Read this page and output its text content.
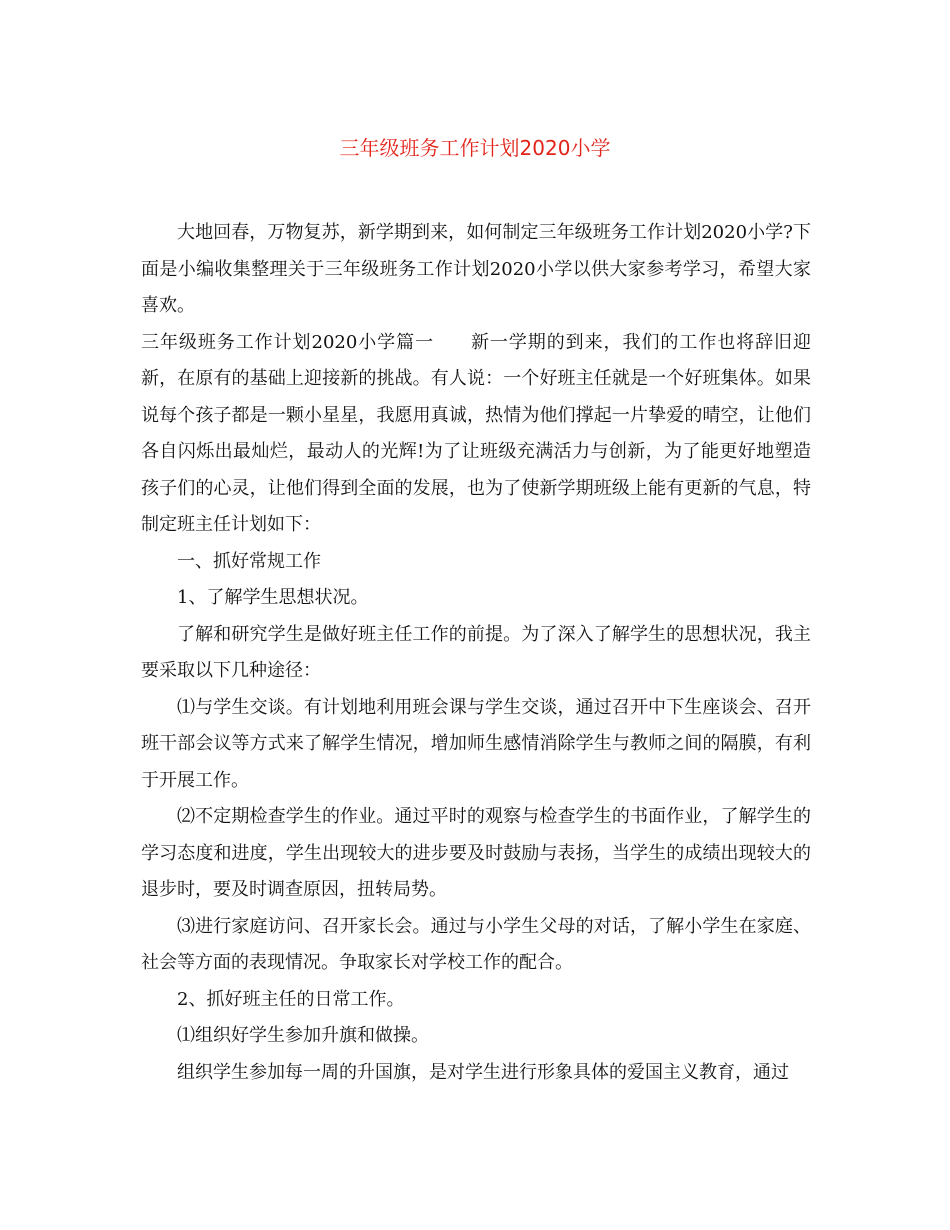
三年级班务工作计划2020小学

大地回春，万物复苏，新学期到来，如何制定三年级班务工作计划2020小学?下面是小编收集整理关于三年级班务工作计划2020小学以供大家参考学习，希望大家喜欢。

三年级班务工作计划2020小学篇一 新一学期的到来，我们的工作也将辞旧迎新，在原有的基础上迎接新的挑战。有人说：一个好班主任就是一个好班集体。如果说每个孩子都是一颗小星星，我愿用真诚，热情为他们撑起一片挚爱的晴空，让他们各自闪烁出最灿烂，最动人的光辉!为了让班级充满活力与创新，为了能更好地塑造孩子们的心灵，让他们得到全面的发展，也为了使新学期班级上能有更新的气息，特制定班主任计划如下：

一、抓好常规工作

1、了解学生思想状况。

了解和研究学生是做好班主任工作的前提。为了深入了解学生的思想状况，我主要采取以下几种途径：

⑴与学生交谈。有计划地利用班会课与学生交谈，通过召开中下生座谈会、召开班干部会议等方式来了解学生情况，增加师生感情消除学生与教师之间的隔膜，有利于开展工作。

⑵不定期检查学生的作业。通过平时的观察与检查学生的书面作业，了解学生的学习态度和进度，学生出现较大的进步要及时鼓励与表扬，当学生的成绩出现较大的退步时，要及时调查原因，扭转局势。

⑶进行家庭访问、召开家长会。通过与小学生父母的对话，了解小学生在家庭、社会等方面的表现情况。争取家长对学校工作的配合。

2、抓好班主任的日常工作。

⑴组织好学生参加升旗和做操。

组织学生参加每一周的升国旗，是对学生进行形象具体的爱国主义教育，通过
